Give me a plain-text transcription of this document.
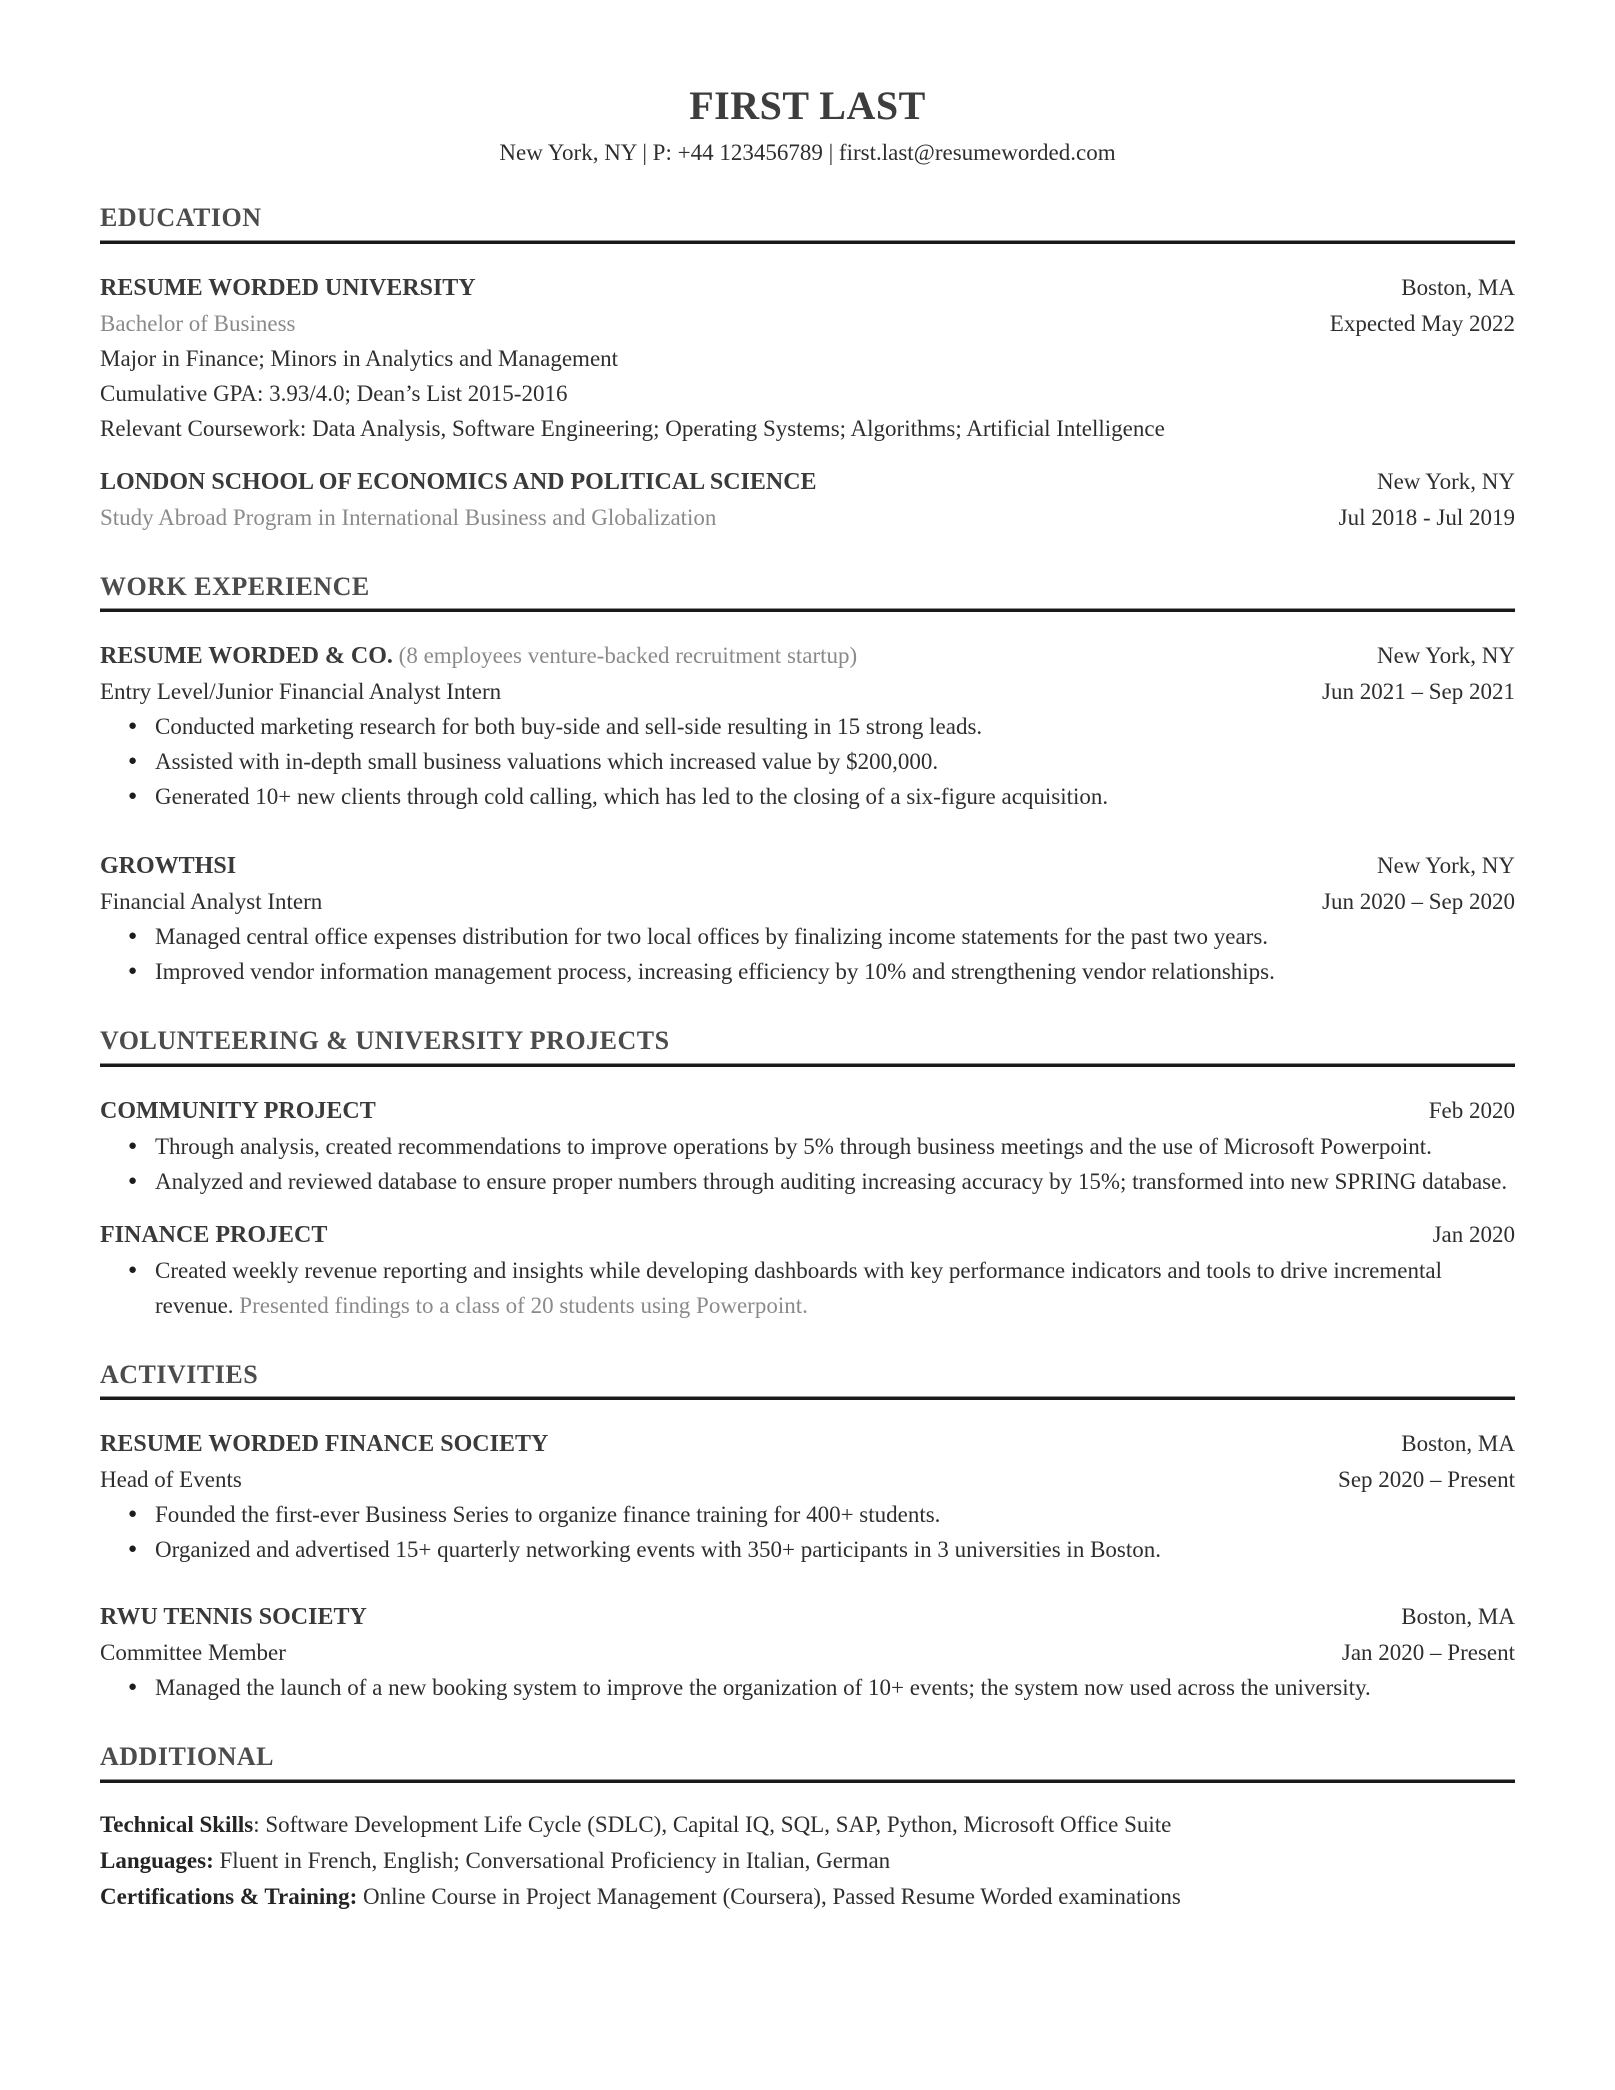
FIRST LAST
New York, NY | P: +44 123456789 | first.last@resumeworded.com
EDUCATION
RESUME WORDED UNIVERSITY	Boston, MA
Bachelor of Business	Expected May 2022
Major in Finance; Minors in Analytics and Management
Cumulative GPA: 3.93/4.0; Dean’s List 2015-2016
Relevant Coursework: Data Analysis, Software Engineering; Operating Systems; Algorithms; Artificial Intelligence
LONDON SCHOOL OF ECONOMICS AND POLITICAL SCIENCE	New York, NY
Study Abroad Program in International Business and Globalization	Jul 2018 - Jul 2019
WORK EXPERIENCE
RESUME WORDED & CO. (8 employees venture-backed recruitment startup)	New York, NY
Entry Level/Junior Financial Analyst Intern	Jun 2021 – Sep 2021
● Conducted marketing research for both buy-side and sell-side resulting in 15 strong leads.
● Assisted with in-depth small business valuations which increased value by $200,000.
● Generated 10+ new clients through cold calling, which has led to the closing of a six-figure acquisition.
GROWTHSI	New York, NY
Financial Analyst Intern	Jun 2020 – Sep 2020
● Managed central office expenses distribution for two local offices by finalizing income statements for the past two years.
● Improved vendor information management process, increasing efficiency by 10% and strengthening vendor relationships.
VOLUNTEERING & UNIVERSITY PROJECTS
COMMUNITY PROJECT	Feb 2020
● Through analysis, created recommendations to improve operations by 5% through business meetings and the use of Microsoft Powerpoint.
● Analyzed and reviewed database to ensure proper numbers through auditing increasing accuracy by 15%; transformed into new SPRING database.
FINANCE PROJECT	Jan 2020
● Created weekly revenue reporting and insights while developing dashboards with key performance indicators and tools to drive incremental revenue. Presented findings to a class of 20 students using Powerpoint.
ACTIVITIES
RESUME WORDED FINANCE SOCIETY	Boston, MA
Head of Events	Sep 2020 – Present
● Founded the first-ever Business Series to organize finance training for 400+ students.
● Organized and advertised 15+ quarterly networking events with 350+ participants in 3 universities in Boston.
RWU TENNIS SOCIETY	Boston, MA
Committee Member	Jan 2020 – Present
● Managed the launch of a new booking system to improve the organization of 10+ events; the system now used across the university.
ADDITIONAL
Technical Skills: Software Development Life Cycle (SDLC), Capital IQ, SQL, SAP, Python, Microsoft Office Suite
Languages: Fluent in French, English; Conversational Proficiency in Italian, German
Certifications & Training: Online Course in Project Management (Coursera), Passed Resume Worded examinations
